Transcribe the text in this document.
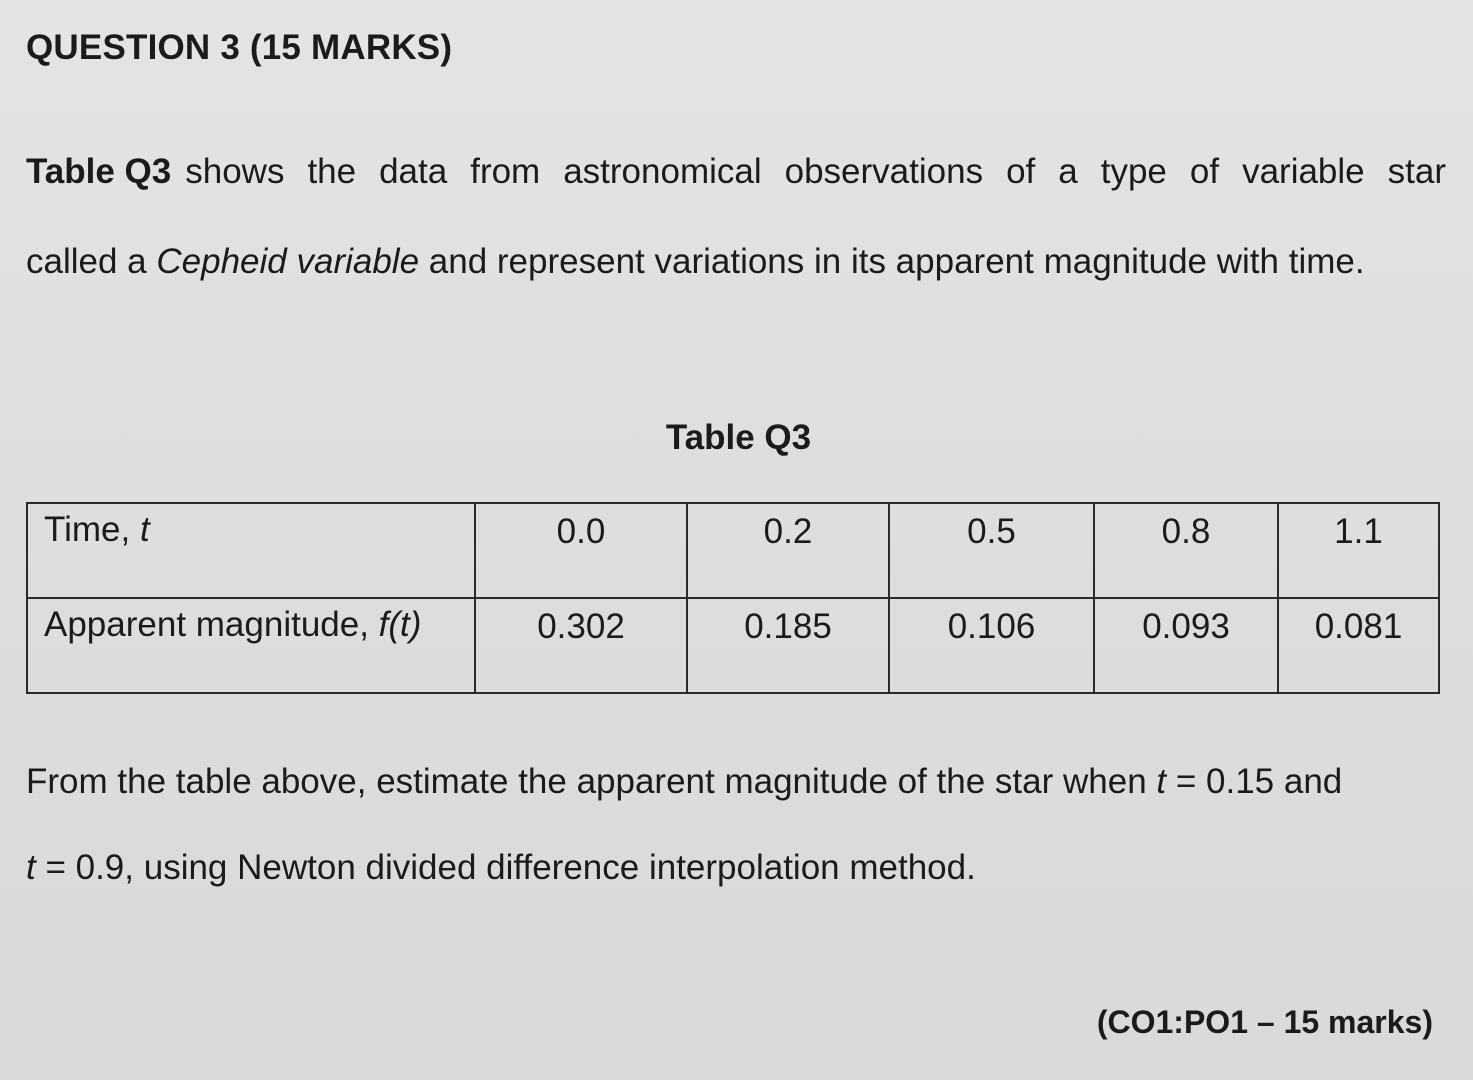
QUESTION 3 (15 MARKS)

Table Q3 shows the data from astronomical observations of a type of variable star

called a Cepheid variable and represent variations in its apparent magnitude with time.

Table Q3

Time, t	0.0	0.2	0.5	0.8	1.1
Apparent magnitude, f(t)	0.302	0.185	0.106	0.093	0.081

From the table above, estimate the apparent magnitude of the star when t = 0.15 and

t = 0.9, using Newton divided difference interpolation method.

(CO1:PO1 – 15 marks)
